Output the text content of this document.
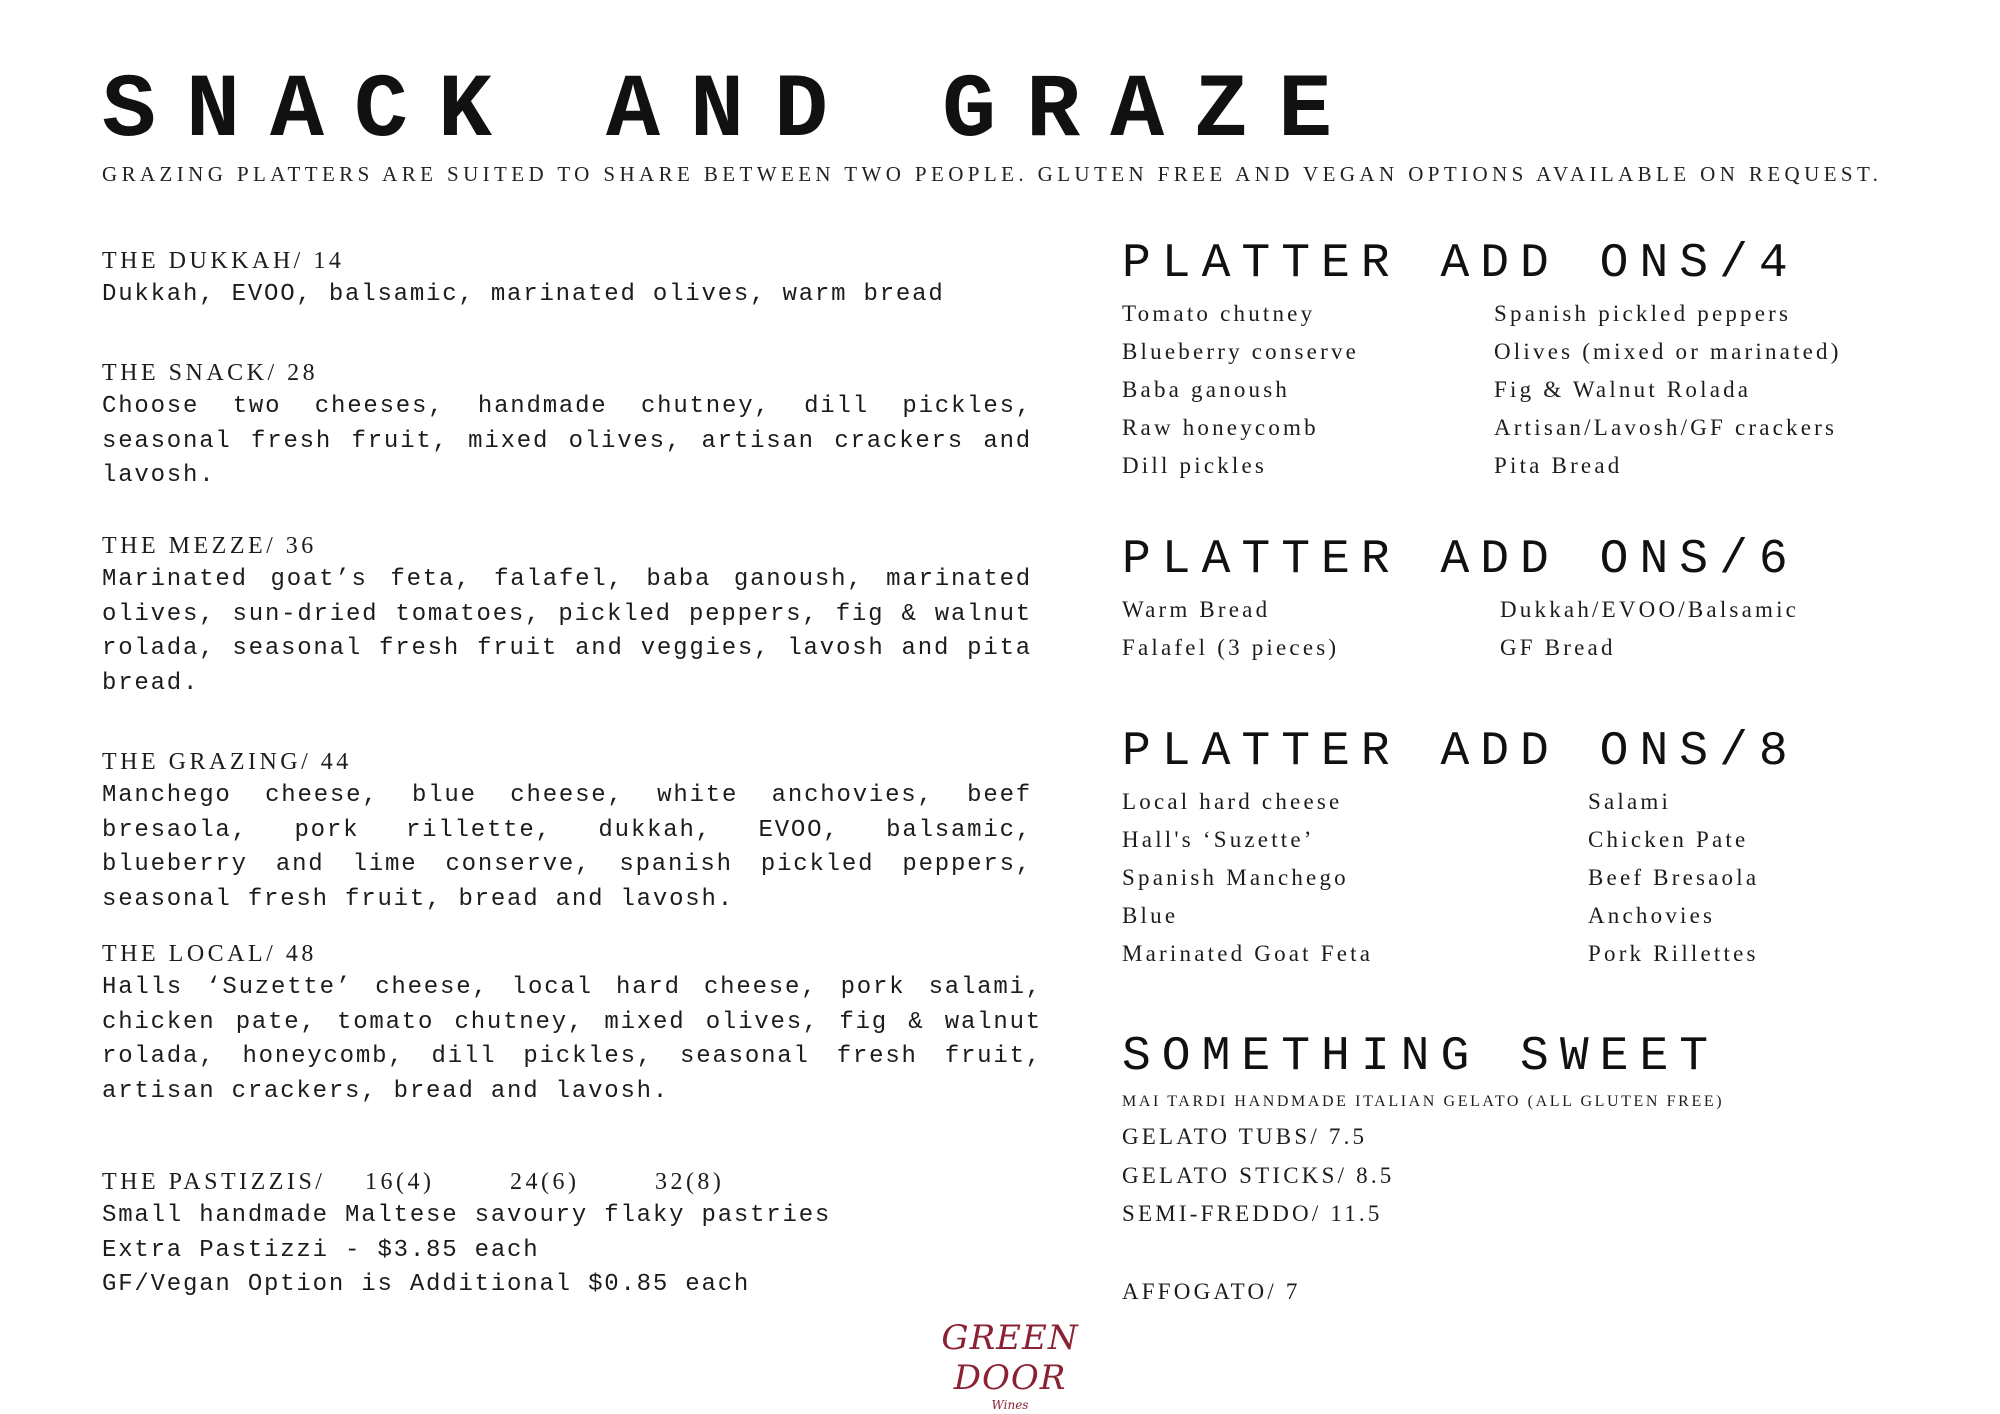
SNACK AND GRAZE
GRAZING PLATTERS ARE SUITED TO SHARE BETWEEN TWO PEOPLE. GLUTEN FREE AND VEGAN OPTIONS AVAILABLE ON REQUEST.
THE DUKKAH/ 14
Dukkah, EVOO, balsamic, marinated olives, warm bread
THE SNACK/ 28
Choose two cheeses, handmade chutney, dill pickles, seasonal fresh fruit, mixed olives, artisan crackers and lavosh.
THE MEZZE/ 36
Marinated goat’s feta, falafel, baba ganoush, marinated olives, sun-dried tomatoes, pickled peppers, fig & walnut rolada, seasonal fresh fruit and veggies, lavosh and pita bread.
THE GRAZING/ 44
Manchego cheese, blue cheese, white anchovies, beef bresaola, pork rillette, dukkah, EVOO, balsamic, blueberry and lime conserve, spanish pickled peppers, seasonal fresh fruit, bread and lavosh.
THE LOCAL/ 48
Halls ‘Suzette’ cheese, local hard cheese, pork salami, chicken pate, tomato chutney, mixed olives, fig & walnut rolada, honeycomb, dill pickles, seasonal fresh fruit, artisan crackers, bread and lavosh.
THE PASTIZZIS/ 16(4)	24(6)	32(8)
Small handmade Maltese savoury flaky pastries
Extra Pastizzi - $3.85 each
GF/Vegan Option is Additional $0.85 each
PLATTER ADD ONS/4
Tomato chutney	Spanish pickled peppers
Blueberry conserve	Olives (mixed or marinated)
Baba ganoush	Fig & Walnut Rolada
Raw honeycomb	Artisan/Lavosh/GF crackers
Dill pickles	Pita Bread
PLATTER ADD ONS/6
Warm Bread	Dukkah/EVOO/Balsamic
Falafel (3 pieces)	GF Bread
PLATTER ADD ONS/8
Local hard cheese	Salami
Hall's ‘Suzette’	Chicken Pate
Spanish Manchego	Beef Bresaola
Blue	Anchovies
Marinated Goat Feta	Pork Rillettes
SOMETHING SWEET
MAI TARDI HANDMADE ITALIAN GELATO (ALL GLUTEN FREE)
GELATO TUBS/ 7.5
GELATO STICKS/ 8.5
SEMI-FREDDO/ 11.5
AFFOGATO/ 7
GREEN DOOR
Wines
